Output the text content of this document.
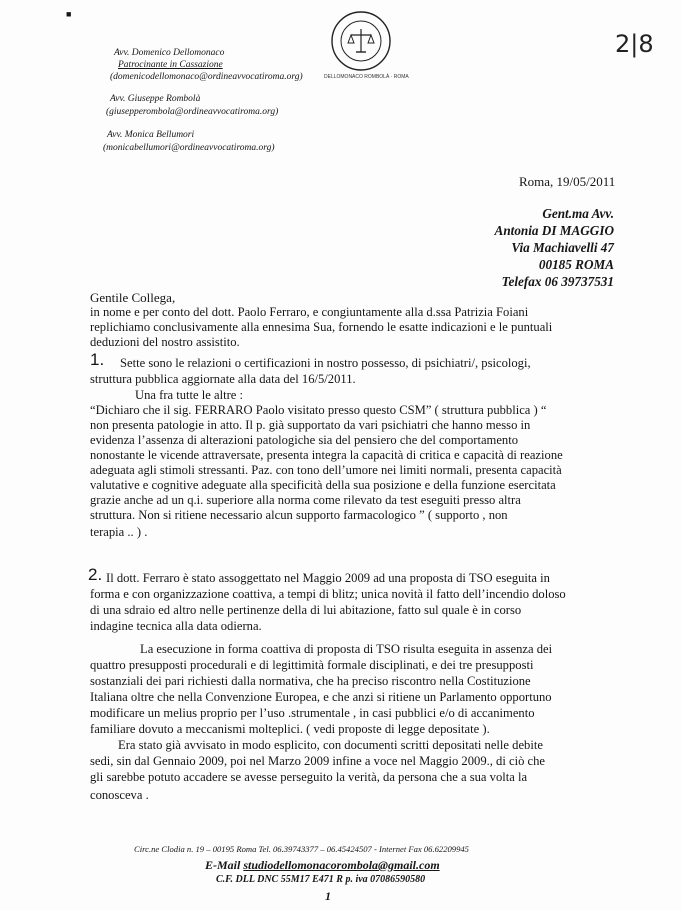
■
2|8
Avv. Domenico Dellomonaco
Patrocinante in Cassazione
(domenicodellomonaco@ordineavvocatiroma.org)
Avv. Giuseppe Rombolà
(giusepperombola@ordineavvocatiroma.org)
Avv. Monica Bellumori
(monicabellumori@ordineavvocatiroma.org)
DELLOMONACO ROMBOLÀ · ROMA
Roma, 19/05/2011
Gent.ma Avv.
Antonia DI MAGGIO
Via Machiavelli 47
00185 ROMA
Telefax 06 39737531
Gentile Collega,
in nome e per conto del dott. Paolo Ferraro, e congiuntamente alla d.ssa Patrizia Foiani
replichiamo conclusivamente alla ennesima Sua, fornendo le esatte indicazioni e le puntuali
deduzioni del nostro assistito.
1. Sette sono le relazioni o certificazioni in nostro possesso, di psichiatri/, psicologi,
struttura pubblica aggiornate alla data del 16/5/2011.
Una fra tutte le altre :
“Dichiaro che il sig. FERRARO Paolo visitato presso questo CSM” ( struttura pubblica ) “
non presenta patologie in atto. Il p. già supportato da vari psichiatri che hanno messo in
evidenza l’assenza di alterazioni patologiche sia del pensiero che del comportamento
nonostante le vicende attraversate, presenta integra la capacità di critica e capacità di reazione
adeguata agli stimoli stressanti. Paz. con tono dell’umore nei limiti normali, presenta capacità
valutative e cognitive adeguate alla specificità della sua posizione e della funzione esercitata
grazie anche ad un q.i. superiore alla norma come rilevato da test eseguiti presso altra
struttura. Non si ritiene necessario alcun supporto farmacologico ” ( supporto , non
terapia .. ) .
2. Il dott. Ferraro è stato assoggettato nel Maggio 2009 ad una proposta di TSO eseguita in
forma e con organizzazione coattiva, a tempi di blitz; unica novità il fatto dell’incendio doloso
di una sdraio ed altro nelle pertinenze della di lui abitazione, fatto sul quale è in corso
indagine tecnica alla data odierna.
La esecuzione in forma coattiva di proposta di TSO risulta eseguita in assenza dei
quattro presupposti procedurali e di legittimità formale disciplinati, e dei tre presupposti
sostanziali dei pari richiesti dalla normativa, che ha preciso riscontro nella Costituzione
Italiana oltre che nella Convenzione Europea, e che anzi si ritiene un Parlamento opportuno
modificare un melius proprio per l’uso .strumentale , in casi pubblici e/o di accanimento
familiare dovuto a meccanismi molteplici. ( vedi proposte di legge depositate ).
Era stato già avvisato in modo esplicito, con documenti scritti depositati nelle debite
sedi, sin dal Gennaio 2009, poi nel Marzo 2009 infine a voce nel Maggio 2009., di ciò che
gli sarebbe potuto accadere se avesse perseguito la verità, da persona che a sua volta la
conosceva .
Circ.ne Clodia n. 19 – 00195 Roma Tel. 06.39743377 – 06.45424507 - Internet Fax 06.62209945
E-Mail studiodellomonacorombola@gmail.com
C.F. DLL DNC 55M17 E471 R p. iva 07086590580
1
